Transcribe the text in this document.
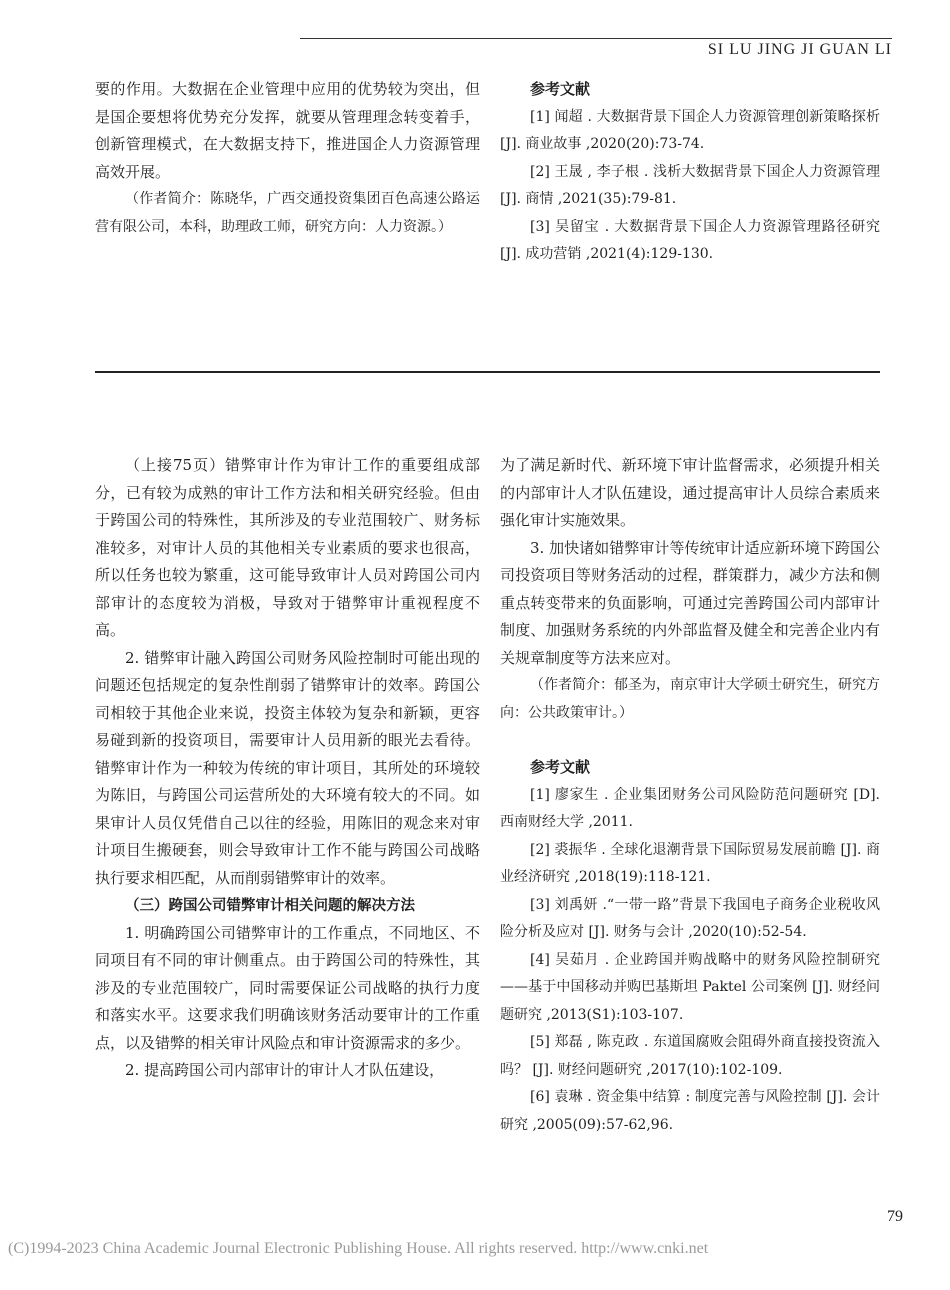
SI LU JING JI GUAN LI

要的作用。大数据在企业管理中应用的优势较为突出，但是国企要想将优势充分发挥，就要从管理理念转变着手，创新管理模式，在大数据支持下，推进国企人力资源管理高效开展。

（作者简介：陈晓华，广西交通投资集团百色高速公路运营有限公司，本科，助理政工师，研究方向：人力资源。）

参考文献

[1] 闻超 . 大数据背景下国企人力资源管理创新策略探析 [J]. 商业故事 ,2020(20):73-74.

[2] 王晟 , 李子根 . 浅析大数据背景下国企人力资源管理 [J]. 商情 ,2021(35):79-81.

[3] 吴留宝 . 大数据背景下国企人力资源管理路径研究 [J]. 成功营销 ,2021(4):129-130.

（上接75页）错弊审计作为审计工作的重要组成部分，已有较为成熟的审计工作方法和相关研究经验。但由于跨国公司的特殊性，其所涉及的专业范围较广、财务标准较多，对审计人员的其他相关专业素质的要求也很高，所以任务也较为繁重，这可能导致审计人员对跨国公司内部审计的态度较为消极，导致对于错弊审计重视程度不高。

2. 错弊审计融入跨国公司财务风险控制时可能出现的问题还包括规定的复杂性削弱了错弊审计的效率。跨国公司相较于其他企业来说，投资主体较为复杂和新颖，更容易碰到新的投资项目，需要审计人员用新的眼光去看待。错弊审计作为一种较为传统的审计项目，其所处的环境较为陈旧，与跨国公司运营所处的大环境有较大的不同。如果审计人员仅凭借自己以往的经验，用陈旧的观念来对审计项目生搬硬套，则会导致审计工作不能与跨国公司战略执行要求相匹配，从而削弱错弊审计的效率。

（三）跨国公司错弊审计相关问题的解决方法

1. 明确跨国公司错弊审计的工作重点，不同地区、不同项目有不同的审计侧重点。由于跨国公司的特殊性，其涉及的专业范围较广，同时需要保证公司战略的执行力度和落实水平。这要求我们明确该财务活动要审计的工作重点，以及错弊的相关审计风险点和审计资源需求的多少。

2. 提高跨国公司内部审计的审计人才队伍建设，

为了满足新时代、新环境下审计监督需求，必须提升相关的内部审计人才队伍建设，通过提高审计人员综合素质来强化审计实施效果。

3. 加快诸如错弊审计等传统审计适应新环境下跨国公司投资项目等财务活动的过程，群策群力，减少方法和侧重点转变带来的负面影响，可通过完善跨国公司内部审计制度、加强财务系统的内外部监督及健全和完善企业内有关规章制度等方法来应对。

（作者简介：郁圣为，南京审计大学硕士研究生，研究方向：公共政策审计。）

参考文献

[1] 廖家生 . 企业集团财务公司风险防范问题研究 [D]. 西南财经大学 ,2011.

[2] 裘振华 . 全球化退潮背景下国际贸易发展前瞻 [J]. 商业经济研究 ,2018(19):118-121.

[3] 刘禹妍 .“一带一路”背景下我国电子商务企业税收风险分析及应对 [J]. 财务与会计 ,2020(10):52-54.

[4] 吴茹月 . 企业跨国并购战略中的财务风险控制研究——基于中国移动并购巴基斯坦 Paktel 公司案例 [J]. 财经问题研究 ,2013(S1):103-107.

[5] 郑磊 , 陈克政 . 东道国腐败会阻碍外商直接投资流入吗？ [J]. 财经问题研究 ,2017(10):102-109.

[6] 袁琳 . 资金集中结算 : 制度完善与风险控制 [J]. 会计研究 ,2005(09):57-62,96.

79
(C)1994-2023 China Academic Journal Electronic Publishing House. All rights reserved. http://www.cnki.net
